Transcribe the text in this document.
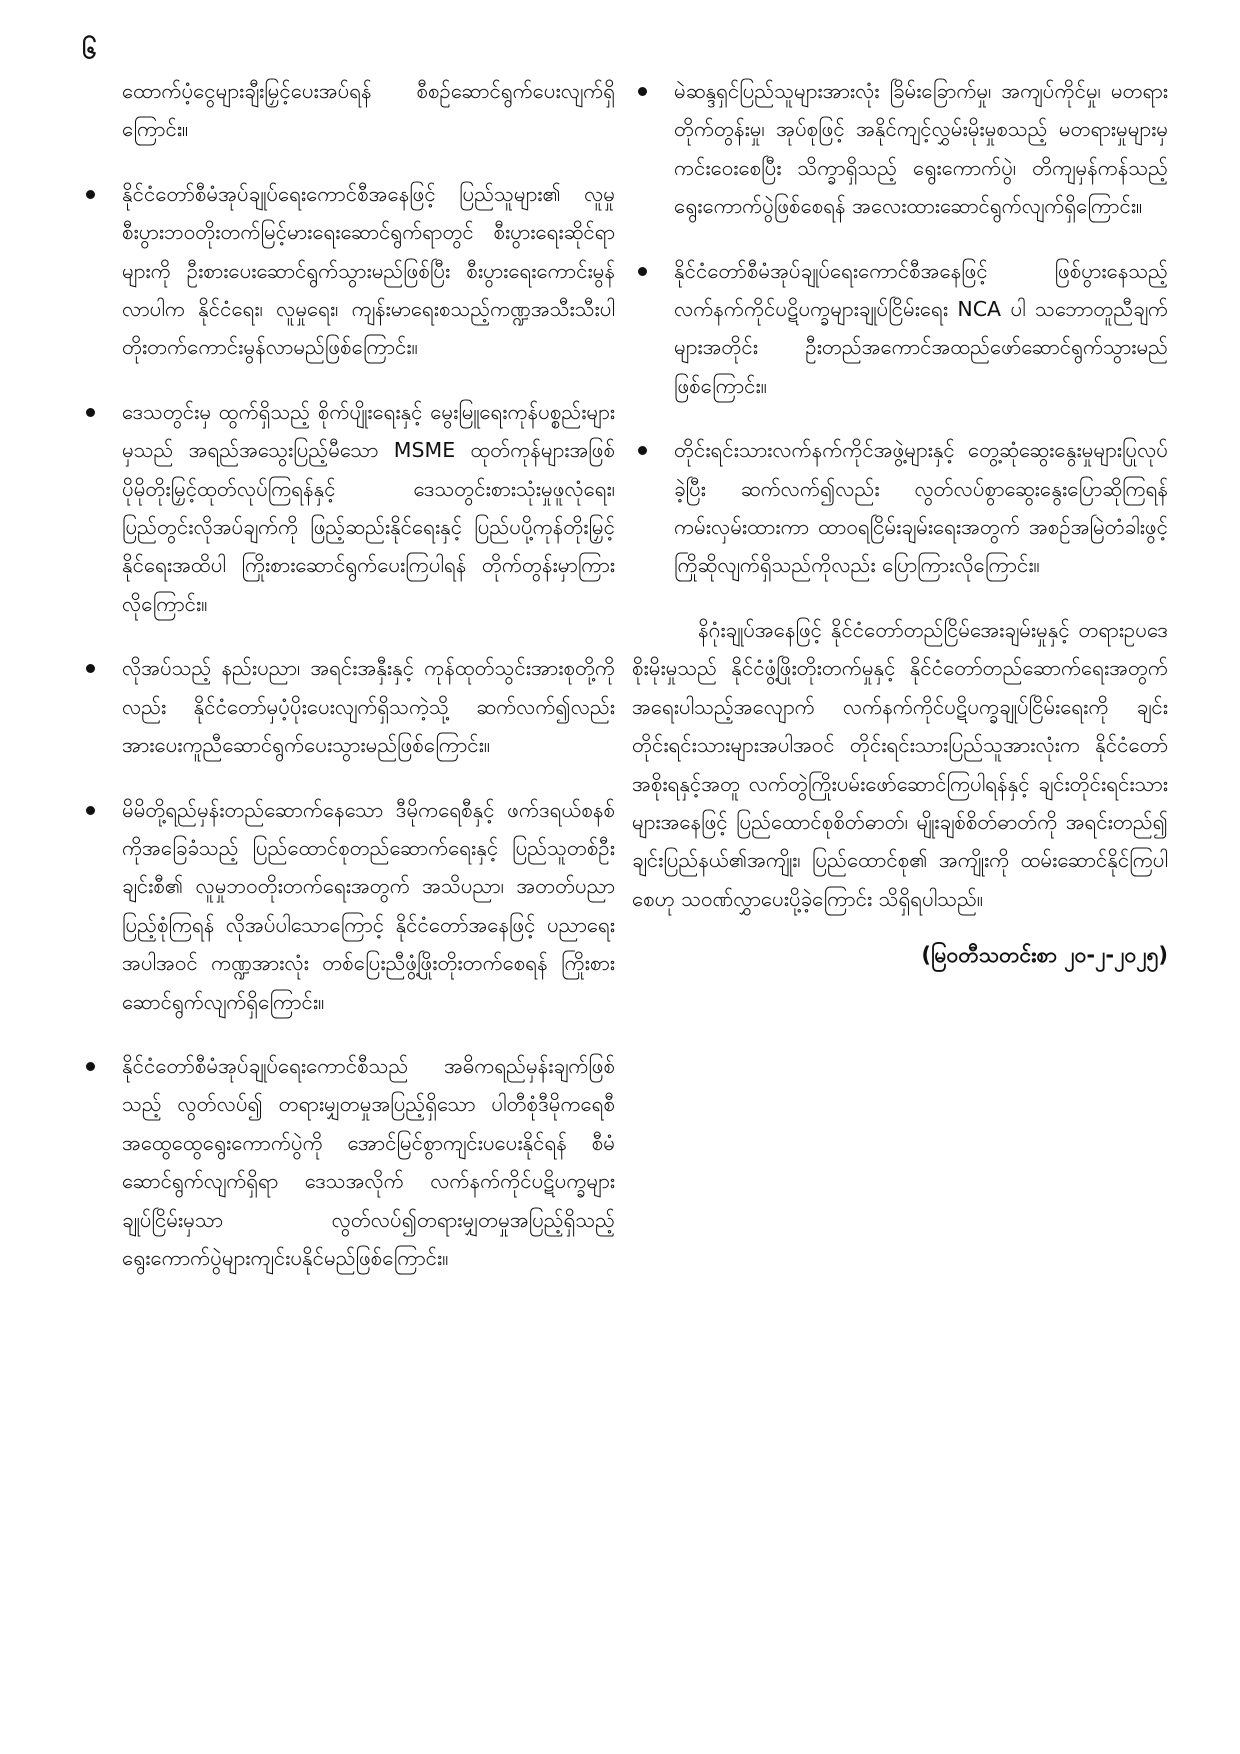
၆

ထောက်ပံ့ငွေများချီးမြှင့်ပေးအပ်ရန် စီစဉ်ဆောင်ရွက်ပေးလျက်ရှိကြောင်း။

နိုင်ငံတော်စီမံအုပ်ချုပ်ရေးကောင်စီအနေဖြင့် ပြည်သူများ၏ လူမှုစီးပွားဘဝတိုးတက်မြင့်မားရေးဆောင်ရွက်ရာတွင် စီးပွားရေးဆိုင်ရာများကို ဦးစားပေးဆောင်ရွက်သွားမည်ဖြစ်ပြီး စီးပွားရေးကောင်းမွန်လာပါက နိုင်ငံရေး၊ လူမှုရေး၊ ကျန်းမာရေးစသည့်ကဏ္ဍအသီးသီးပါ တိုးတက်ကောင်းမွန်လာမည်ဖြစ်ကြောင်း။

ဒေသတွင်းမှ ထွက်ရှိသည့် စိုက်ပျိုးရေးနှင့် မွေးမြူရေးကုန်ပစ္စည်းများမှသည် အရည်အသွေးပြည့်မီသော MSME ထုတ်ကုန်များအဖြစ် ပိုမိုတိုးမြှင့်ထုတ်လုပ်ကြရန်နှင့် ဒေသတွင်းစားသုံးမှုဖူလုံရေး၊ ပြည်တွင်းလိုအပ်ချက်ကို ဖြည့်ဆည်းနိုင်ရေးနှင့် ပြည်ပပို့ကုန်တိုးမြှင့်နိုင်ရေးအထိပါ ကြိုးစားဆောင်ရွက်ပေးကြပါရန် တိုက်တွန်းမှာကြားလိုကြောင်း။

လိုအပ်သည့် နည်းပညာ၊ အရင်းအနှီးနှင့် ကုန်ထုတ်သွင်းအားစုတို့ကိုလည်း နိုင်ငံတော်မှပံ့ပိုးပေးလျက်ရှိသကဲ့သို့ ဆက်လက်၍လည်း အားပေးကူညီဆောင်ရွက်ပေးသွားမည်ဖြစ်ကြောင်း။

မိမိတို့ရည်မှန်းတည်ဆောက်နေသော ဒီမိုကရေစီနှင့် ဖက်ဒရယ်စနစ်ကိုအခြေခံသည့် ပြည်ထောင်စုတည်ဆောက်ရေးနှင့် ပြည်သူတစ်ဦးချင်းစီ၏ လူမှုဘဝတိုးတက်ရေးအတွက် အသိပညာ၊ အတတ်ပညာပြည့်စုံကြရန် လိုအပ်ပါသောကြောင့် နိုင်ငံတော်အနေဖြင့် ပညာရေးအပါအဝင် ကဏ္ဍအားလုံး တစ်ပြေးညီဖွံ့ဖြိုးတိုးတက်စေရန် ကြိုးစားဆောင်ရွက်လျက်ရှိကြောင်း။

နိုင်ငံတော်စီမံအုပ်ချုပ်ရေးကောင်စီသည် အဓိကရည်မှန်းချက်ဖြစ်သည့် လွတ်လပ်၍ တရားမျှတမှုအပြည့်ရှိသော ပါတီစုံဒီမိုကရေစီအထွေထွေရွေးကောက်ပွဲကို အောင်မြင်စွာကျင်းပပေးနိုင်ရန် စီမံဆောင်ရွက်လျက်ရှိရာ ဒေသအလိုက် လက်နက်ကိုင်ပဋိပက္ခများချုပ်ငြိမ်းမှသာ လွတ်လပ်၍တရားမျှတမှုအပြည့်ရှိသည့် ရွေးကောက်ပွဲများကျင်းပနိုင်မည်ဖြစ်ကြောင်း။

မဲဆန္ဒရှင်ပြည်သူများအားလုံး ခြိမ်းခြောက်မှု၊ အကျပ်ကိုင်မှု၊ မတရားတိုက်တွန်းမှု၊ အုပ်စုဖြင့် အနိုင်ကျင့်လွှမ်းမိုးမှုစသည့် မတရားမှုများမှ ကင်းဝေးစေပြီး သိက္ခာရှိသည့် ရွေးကောက်ပွဲ၊ တိကျမှန်ကန်သည့် ရွေးကောက်ပွဲဖြစ်စေရန် အလေးထားဆောင်ရွက်လျက်ရှိကြောင်း။

နိုင်ငံတော်စီမံအုပ်ချုပ်ရေးကောင်စီအနေဖြင့် ဖြစ်ပွားနေသည့် လက်နက်ကိုင်ပဋိပက္ခများချုပ်ငြိမ်းရေး NCA ပါ သဘောတူညီချက်များအတိုင်း ဦးတည်အကောင်အထည်ဖော်ဆောင်ရွက်သွားမည်ဖြစ်ကြောင်း။

တိုင်းရင်းသားလက်နက်ကိုင်အဖွဲ့များနှင့် တွေ့ဆုံဆွေးနွေးမှုများပြုလုပ်ခဲ့ပြီး ဆက်လက်၍လည်း လွတ်လပ်စွာဆွေးနွေးပြောဆိုကြရန်ကမ်းလှမ်းထားကာ ထာဝရငြိမ်းချမ်းရေးအတွက် အစဉ်အမြဲတံခါးဖွင့်ကြိုဆိုလျက်ရှိသည်ကိုလည်း ပြောကြားလိုကြောင်း။

နိဂုံးချုပ်အနေဖြင့် နိုင်ငံတော်တည်ငြိမ်အေးချမ်းမှုနှင့် တရားဥပဒေစိုးမိုးမှုသည် နိုင်ငံဖွံ့ဖြိုးတိုးတက်မှုနှင့် နိုင်ငံတော်တည်ဆောက်ရေးအတွက် အရေးပါသည့်အလျောက် လက်နက်ကိုင်ပဋိပက္ခချုပ်ငြိမ်းရေးကို ချင်းတိုင်းရင်းသားများအပါအဝင် တိုင်းရင်းသားပြည်သူအားလုံးက နိုင်ငံတော်အစိုးရနှင့်အတူ လက်တွဲကြိုးပမ်းဖော်ဆောင်ကြပါရန်နှင့် ချင်းတိုင်းရင်းသားများအနေဖြင့် ပြည်ထောင်စုစိတ်ဓာတ်၊ မျိုးချစ်စိတ်ဓာတ်ကို အရင်းတည်၍ ချင်းပြည်နယ်၏အကျိုး၊ ပြည်ထောင်စု၏ အကျိုးကို ထမ်းဆောင်နိုင်ကြပါစေဟု သဝဏ်လွှာပေးပို့ခဲ့ကြောင်း သိရှိရပါသည်။

(မြဝတီသတင်းစာ ၂၀-၂-၂၀၂၅)
